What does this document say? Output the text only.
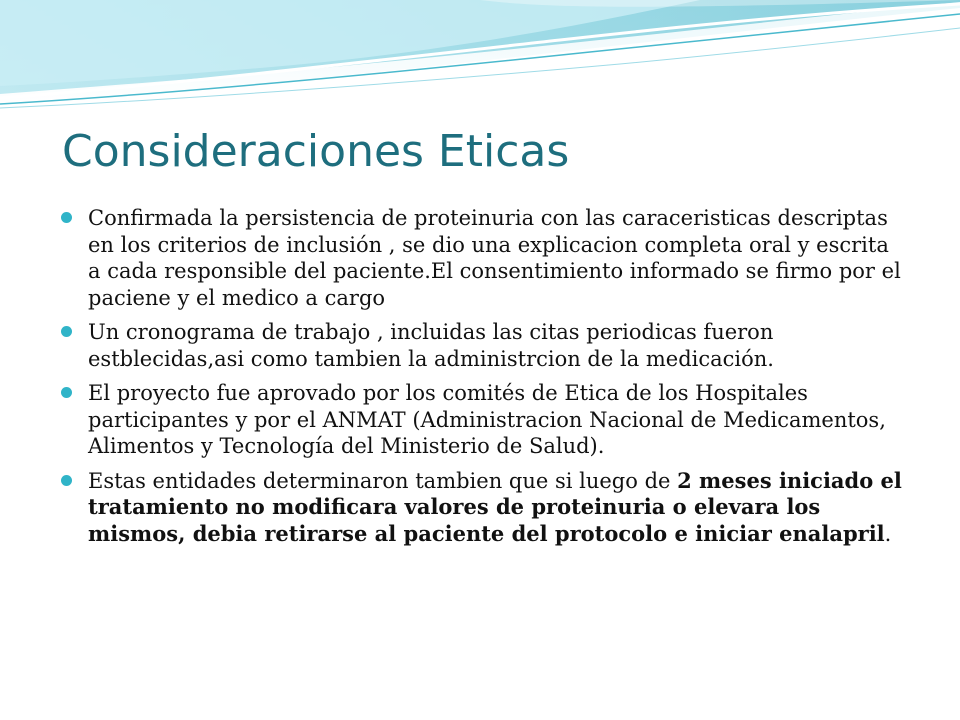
Consideraciones Eticas
Confirmada la persistencia de proteinuria con las caraceristicas descriptas en los criterios de inclusión , se dio una explicacion completa oral y escrita a cada responsible del paciente.El consentimiento informado se firmo por el paciene y el medico a cargo
Un cronograma de trabajo , incluidas las citas periodicas fueron estblecidas,asi como tambien la administrcion de la medicación.
El proyecto fue aprovado por los comités de Etica de los Hospitales participantes y por el ANMAT (Administracion Nacional de Medicamentos, Alimentos y Tecnología del Ministerio de Salud).
Estas entidades determinaron tambien que si luego de 2 meses iniciado el tratamiento no modificara valores de proteinuria o elevara los mismos, debia retirarse al paciente del protocolo e iniciar enalapril.
